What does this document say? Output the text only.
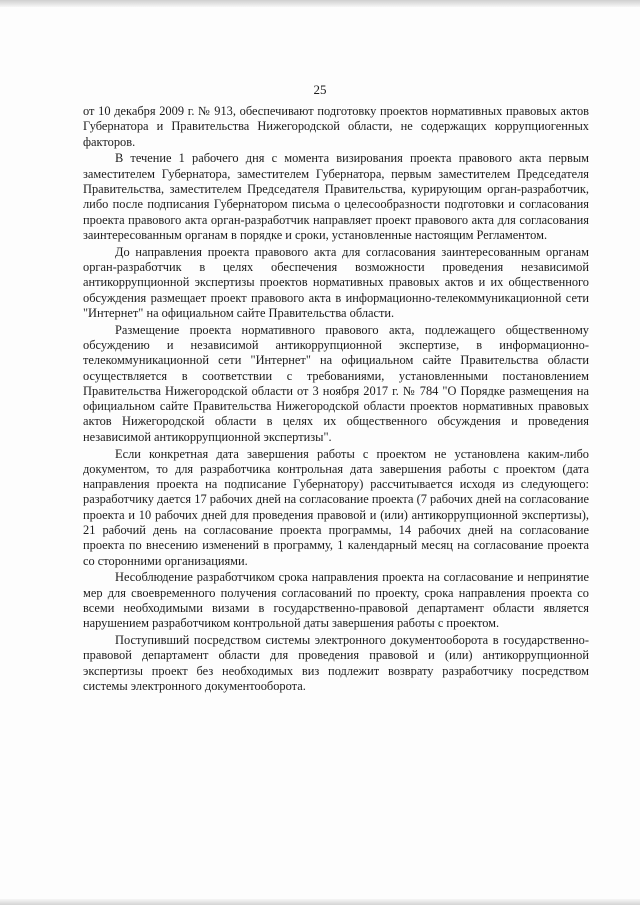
25

от 10 декабря 2009 г. № 913, обеспечивают подготовку проектов нормативных правовых актов Губернатора и Правительства Нижегородской области, не содержащих коррупциогенных факторов.

В течение 1 рабочего дня с момента визирования проекта правового акта первым заместителем Губернатора, заместителем Губернатора, первым заместителем Председателя Правительства, заместителем Председателя Правительства, курирующим орган-разработчик, либо после подписания Губернатором письма о целесообразности подготовки и согласования проекта правового акта орган-разработчик направляет проект правового акта для согласования заинтересованным органам в порядке и сроки, установленные настоящим Регламентом.

До направления проекта правового акта для согласования заинтересованным органам орган-разработчик в целях обеспечения возможности проведения независимой антикоррупционной экспертизы проектов нормативных правовых актов и их общественного обсуждения размещает проект правового акта в информационно-телекоммуникационной сети "Интернет" на официальном сайте Правительства области.

Размещение проекта нормативного правового акта, подлежащего общественному обсуждению и независимой антикоррупционной экспертизе, в информационно-телекоммуникационной сети "Интернет" на официальном сайте Правительства области осуществляется в соответствии с требованиями, установленными постановлением Правительства Нижегородской области от 3 ноября 2017 г. № 784 "О Порядке размещения на официальном сайте Правительства Нижегородской области проектов нормативных правовых актов Нижегородской области в целях их общественного обсуждения и проведения независимой антикоррупционной экспертизы".

Если конкретная дата завершения работы с проектом не установлена каким-либо документом, то для разработчика контрольная дата завершения работы с проектом (дата направления проекта на подписание Губернатору) рассчитывается исходя из следующего: разработчику дается 17 рабочих дней на согласование проекта (7 рабочих дней на согласование проекта и 10 рабочих дней для проведения правовой и (или) антикоррупционной экспертизы), 21 рабочий день на согласование проекта программы, 14 рабочих дней на согласование проекта по внесению изменений в программу, 1 календарный месяц на согласование проекта со сторонними организациями.

Несоблюдение разработчиком срока направления проекта на согласование и непринятие мер для своевременного получения согласований по проекту, срока направления проекта со всеми необходимыми визами в государственно-правовой департамент области является нарушением разработчиком контрольной даты завершения работы с проектом.

Поступивший посредством системы электронного документооборота в государственно-правовой департамент области для проведения правовой и (или) антикоррупционной экспертизы проект без необходимых виз подлежит возврату разработчику посредством системы электронного документооборота.
